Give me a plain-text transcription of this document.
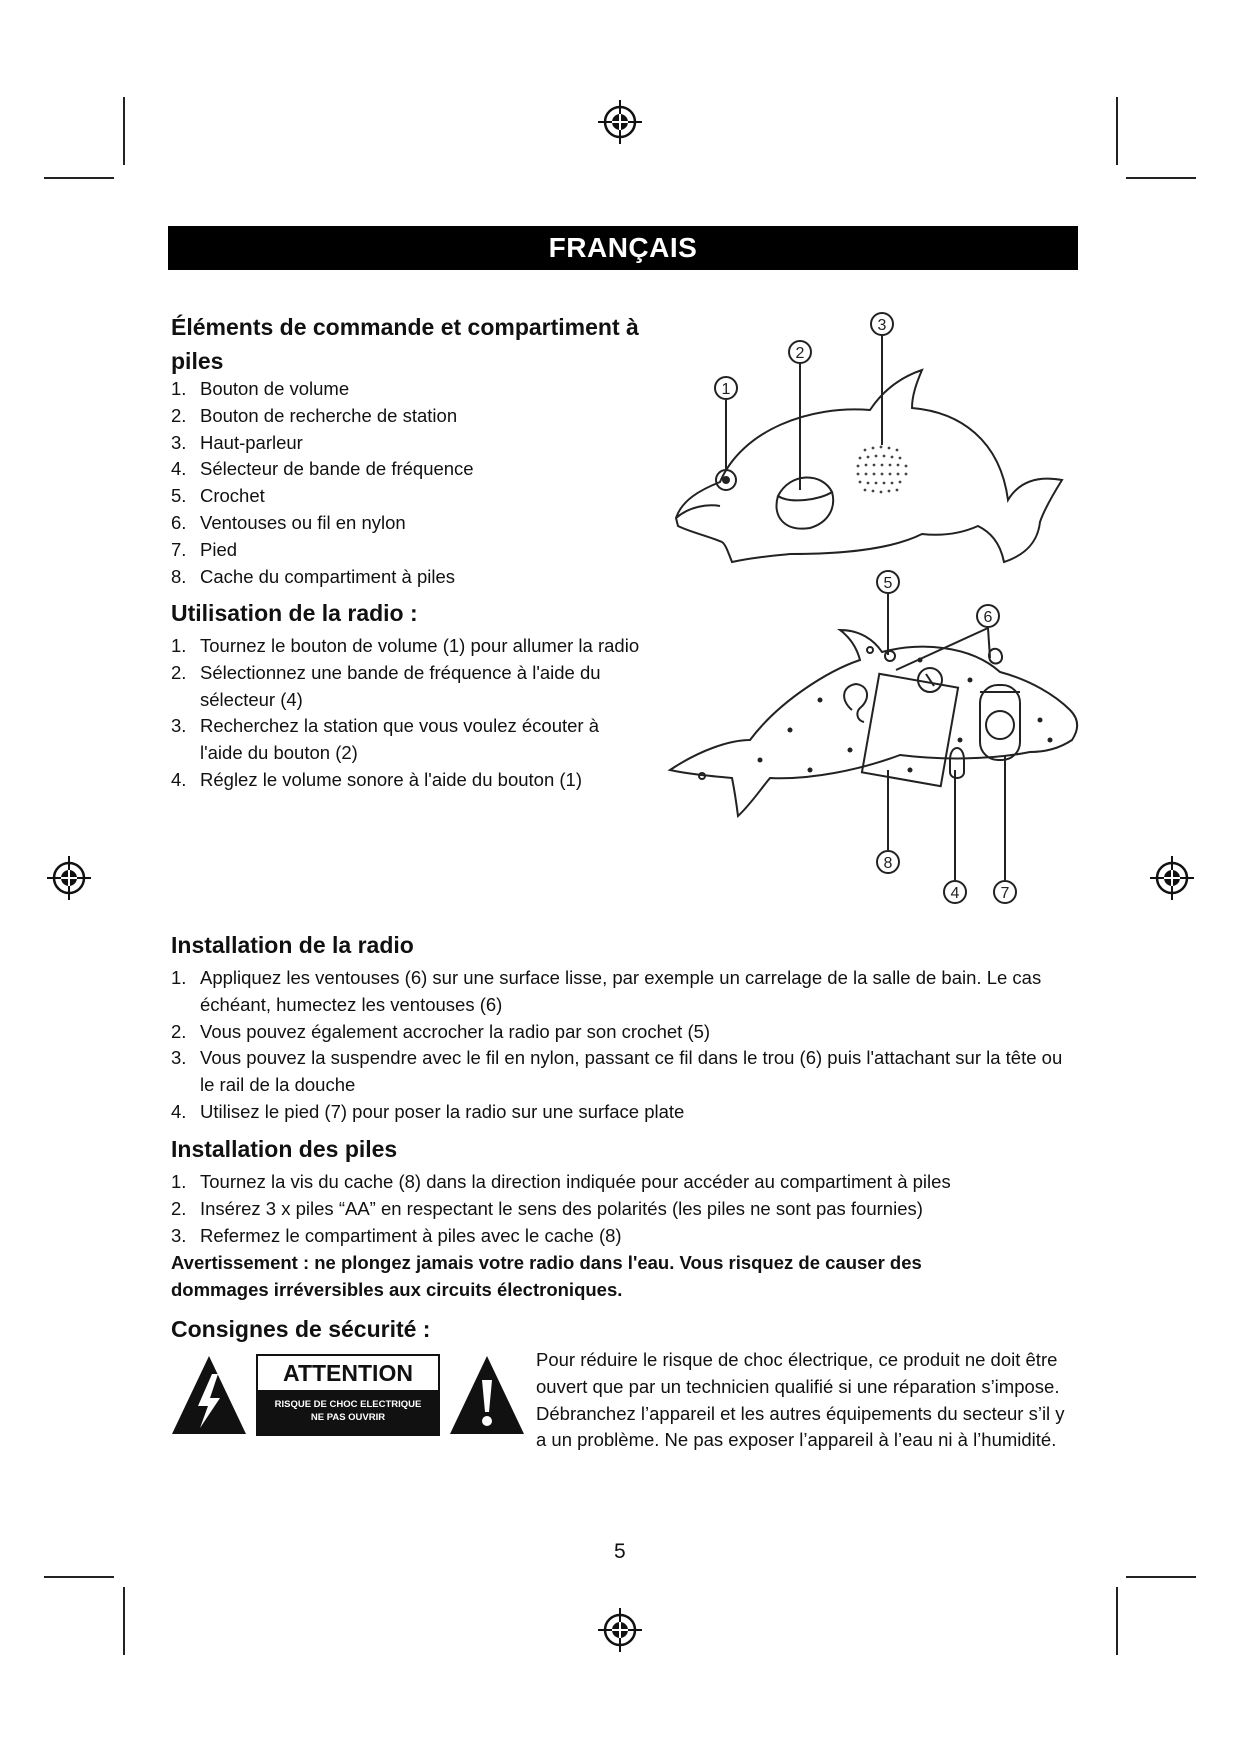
FRANÇAIS
Éléments de commande et compartiment à
piles
1. Bouton de volume
2. Bouton de recherche de station
3. Haut-parleur
4. Sélecteur de bande de fréquence
5. Crochet
6. Ventouses ou fil en nylon
7. Pied
8. Cache du compartiment à piles
Utilisation de la radio :
1. Tournez le bouton de volume (1) pour allumer la radio
2. Sélectionnez une bande de fréquence à l'aide du sélecteur (4)
3. Recherchez la station que vous voulez écouter à l'aide du bouton (2)
4. Réglez le volume sonore à l'aide du bouton (1)
1
2
3
5
6
8
4	7
Installation de la radio
1. Appliquez les ventouses (6) sur une surface lisse, par exemple un carrelage de la salle de bain. Le cas échéant, humectez les ventouses (6)
2. Vous pouvez également accrocher la radio par son crochet (5)
3. Vous pouvez la suspendre avec le fil en nylon, passant ce fil dans le trou (6) puis l'attachant sur la tête ou le rail de la douche
4. Utilisez le pied (7) pour poser la radio sur une surface plate
Installation des piles
1. Tournez la vis du cache (8) dans la direction indiquée pour accéder au compartiment à piles
2. Insérez 3 x piles “AA” en respectant le sens des polarités (les piles ne sont pas fournies)
3. Refermez le compartiment à piles avec le cache (8)
Avertissement : ne plongez jamais votre radio dans l'eau. Vous risquez de causer des dommages irréversibles aux circuits électroniques.
Consignes de sécurité :
ATTENTION
RISQUE DE CHOC ELECTRIQUE
NE PAS OUVRIR
Pour réduire le risque de choc électrique, ce produit ne doit être ouvert que par un technicien qualifié si une réparation s’impose. Débranchez l’appareil et les autres équipements du secteur s’il y a un problème. Ne pas exposer l’appareil à l’eau ni à l’humidité.
5
